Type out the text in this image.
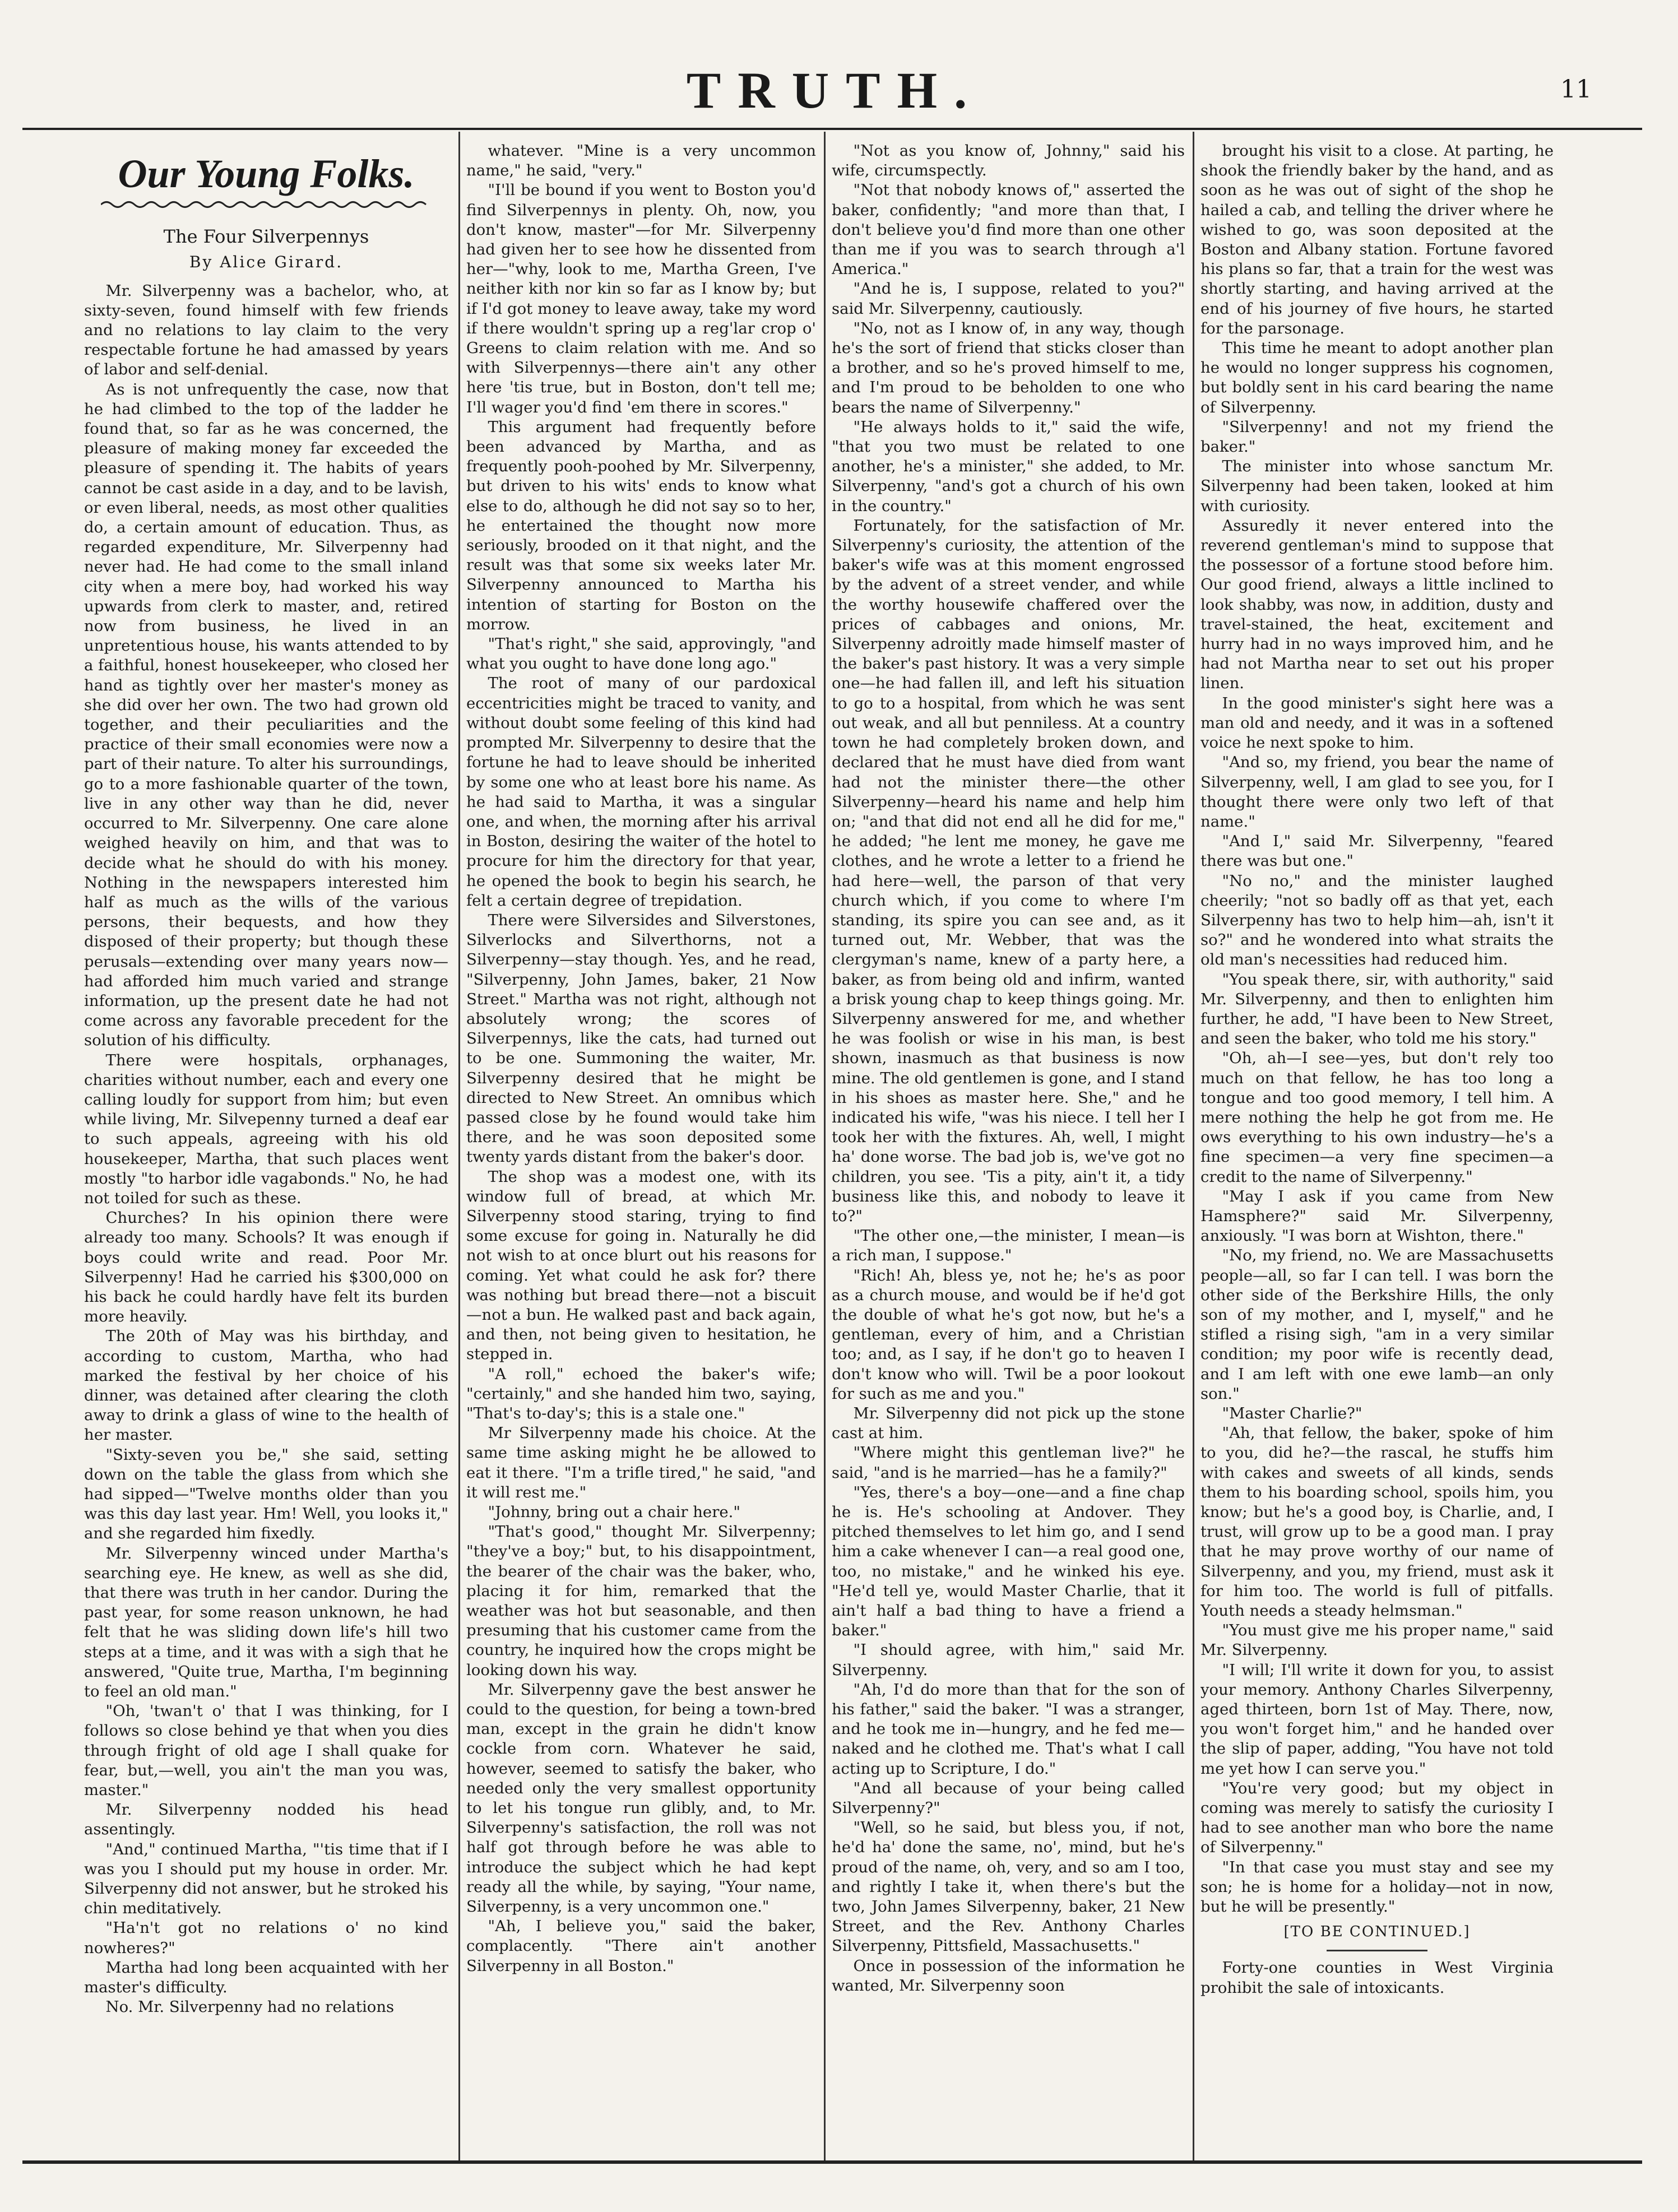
TRUTH.	11
Our Young Folks.
The Four Silverpennys
By Alice Girard.

Mr. Silverpenny was a bachelor, who, at sixty-seven, found himself with few friends and no relations to lay claim to the very respectable fortune he had amassed by years of labor and self-denial.

As is not unfrequently the case, now that he had climbed to the top of the ladder he found that, so far as he was concerned, the pleasure of making money far exceeded the pleasure of spending it. The habits of years cannot be cast aside in a day, and to be lavish, or even liberal, needs, as most other qualities do, a certain amount of education. Thus, as regarded expenditure, Mr. Silverpenny had never had. He had come to the small inland city when a mere boy, had worked his way upwards from clerk to master, and, retired now from business, he lived in an unpretentious house, his wants attended to by a faithful, honest housekeeper, who closed her hand as tightly over her master's money as she did over her own. The two had grown old together, and their peculiarities and the practice of their small economies were now a part of their nature. To alter his surroundings, go to a more fashionable quarter of the town, live in any other way than he did, never occurred to Mr. Silverpenny. One care alone weighed heavily on him, and that was to decide what he should do with his money. Nothing in the newspapers interested him half as much as the wills of the various persons, their bequests, and how they disposed of their property; but though these perusals—extending over many years now—had afforded him much varied and strange information, up the present date he had not come across any favorable precedent for the solution of his difficulty.

There were hospitals, orphanages, charities without number, each and every one calling loudly for support from him; but even while living, Mr. Silvepenny turned a deaf ear to such appeals, agreeing with his old housekeeper, Martha, that such places went mostly "to harbor idle vagabonds." No, he had not toiled for such as these.

Churches? In his opinion there were already too many. Schools? It was enough if boys could write and read. Poor Mr. Silverpenny! Had he carried his $300,000 on his back he could hardly have felt its burden more heavily.

The 20th of May was his birthday, and according to custom, Martha, who had marked the festival by her choice of his dinner, was detained after clearing the cloth away to drink a glass of wine to the health of her master.

"Sixty-seven you be," she said, setting down on the table the glass from which she had sipped—"Twelve months older than you was this day last year. Hm! Well, you looks it," and she regarded him fixedly.

Mr. Silverpenny winced under Martha's searching eye. He knew, as well as she did, that there was truth in her candor. During the past year, for some reason unknown, he had felt that he was sliding down life's hill two steps at a time, and it was with a sigh that he answered, "Quite true, Martha, I'm beginning to feel an old man."

"Oh, 'twan't o' that I was thinking, for I follows so close behind ye that when you dies through fright of old age I shall quake for fear, but,—well, you ain't the man you was, master."

Mr. Silverpenny nodded his head assentingly.

"And," continued Martha, "'tis time that if I was you I should put my house in order. Mr. Silverpenny did not answer, but he stroked his chin meditatively.

"Ha'n't got no relations o' no kind nowheres?"

Martha had long been acquainted with her master's difficulty.

No. Mr. Silverpenny had no relations

whatever. "Mine is a very uncommon name," he said, "very."

"I'll be bound if you went to Boston you'd find Silverpennys in plenty. Oh, now, you don't know, master"—for Mr. Silverpenny had given her to see how he dissented from her—"why, look to me, Martha Green, I've neither kith nor kin so far as I know by; but if I'd got money to leave away, take my word if there wouldn't spring up a reg'lar crop o' Greens to claim relation with me. And so with Silverpennys—there ain't any other here 'tis true, but in Boston, don't tell me; I'll wager you'd find 'em there in scores."

This argument had frequently before been advanced by Martha, and as frequently pooh-poohed by Mr. Silverpenny, but driven to his wits' ends to know what else to do, although he did not say so to her, he entertained the thought now more seriously, brooded on it that night, and the result was that some six weeks later Mr. Silverpenny announced to Martha his intention of starting for Boston on the morrow.

"That's right," she said, approvingly, "and what you ought to have done long ago."

The root of many of our pardoxical eccentricities might be traced to vanity, and without doubt some feeling of this kind had prompted Mr. Silverpenny to desire that the fortune he had to leave should be inherited by some one who at least bore his name. As he had said to Martha, it was a singular one, and when, the morning after his arrival in Boston, desiring the waiter of the hotel to procure for him the directory for that year, he opened the book to begin his search, he felt a certain degree of trepidation.

There were Silversides and Silverstones, Silverlocks and Silverthorns, not a Silverpenny—stay though. Yes, and he read, "Silverpenny, John James, baker, 21 Now Street." Martha was not right, although not absolutely wrong; the scores of Silverpennys, like the cats, had turned out to be one. Summoning the waiter, Mr. Silverpenny desired that he might be directed to New Street. An omnibus which passed close by he found would take him there, and he was soon deposited some twenty yards distant from the baker's door.

The shop was a modest one, with its window full of bread, at which Mr. Silverpenny stood staring, trying to find some excuse for going in. Naturally he did not wish to at once blurt out his reasons for coming. Yet what could he ask for? there was nothing but bread there—not a biscuit—not a bun. He walked past and back again, and then, not being given to hesitation, he stepped in.

"A roll," echoed the baker's wife; "certainly," and she handed him two, saying, "That's to-day's; this is a stale one."

Mr Silverpenny made his choice. At the same time asking might he be allowed to eat it there. "I'm a trifle tired," he said, "and it will rest me."

"Johnny, bring out a chair here."

"That's good," thought Mr. Silverpenny; "they've a boy;" but, to his disappointment, the bearer of the chair was the baker, who, placing it for him, remarked that the weather was hot but seasonable, and then presuming that his customer came from the country, he inquired how the crops might be looking down his way.

Mr. Silverpenny gave the best answer he could to the question, for being a town-bred man, except in the grain he didn't know cockle from corn. Whatever he said, however, seemed to satisfy the baker, who needed only the very smallest opportunity to let his tongue run glibly, and, to Mr. Silverpenny's satisfaction, the roll was not half got through before he was able to introduce the subject which he had kept ready all the while, by saying, "Your name, Silverpenny, is a very uncommon one."

"Ah, I believe you," said the baker, complacently. "There ain't another Silverpenny in all Boston."

"Not as you know of, Johnny," said his wife, circumspectly.

"Not that nobody knows of," asserted the baker, confidently; "and more than that, I don't believe you'd find more than one other than me if you was to search through a'l America."

"And he is, I suppose, related to you?" said Mr. Silverpenny, cautiously.

"No, not as I know of, in any way, though he's the sort of friend that sticks closer than a brother, and so he's proved himself to me, and I'm proud to be beholden to one who bears the name of Silverpenny."

"He always holds to it," said the wife, "that you two must be related to one another, he's a minister," she added, to Mr. Silverpenny, "and's got a church of his own in the country."

Fortunately, for the satisfaction of Mr. Silverpenny's curiosity, the attention of the baker's wife was at this moment engrossed by the advent of a street vender, and while the worthy housewife chaffered over the prices of cabbages and onions, Mr. Silverpenny adroitly made himself master of the baker's past history. It was a very simple one—he had fallen ill, and left his situation to go to a hospital, from which he was sent out weak, and all but penniless. At a country town he had completely broken down, and declared that he must have died from want had not the minister there—the other Silverpenny—heard his name and help him on; "and that did not end all he did for me," he added; "he lent me money, he gave me clothes, and he wrote a letter to a friend he had here—well, the parson of that very church which, if you come to where I'm standing, its spire you can see and, as it turned out, Mr. Webber, that was the clergyman's name, knew of a party here, a baker, as from being old and infirm, wanted a brisk young chap to keep things going. Mr. Silverpenny answered for me, and whether he was foolish or wise in his man, is best shown, inasmuch as that business is now mine. The old gentlemen is gone, and I stand in his shoes as master here. She," and he indicated his wife, "was his niece. I tell her I took her with the fixtures. Ah, well, I might ha' done worse. The bad job is, we've got no children, you see. 'Tis a pity, ain't it, a tidy business like this, and nobody to leave it to?"

"The other one,—the minister, I mean—is a rich man, I suppose."

"Rich! Ah, bless ye, not he; he's as poor as a church mouse, and would be if he'd got the double of what he's got now, but he's a gentleman, every of him, and a Christian too; and, as I say, if he don't go to heaven I don't know who will. Twil be a poor lookout for such as me and you."

Mr. Silverpenny did not pick up the stone cast at him.

"Where might this gentleman live?" he said, "and is he married—has he a family?"

"Yes, there's a boy—one—and a fine chap he is. He's schooling at Andover. They pitched themselves to let him go, and I send him a cake whenever I can—a real good one, too, no mistake," and he winked his eye. "He'd tell ye, would Master Charlie, that it ain't half a bad thing to have a friend a baker."

"I should agree, with him," said Mr. Silverpenny.

"Ah, I'd do more than that for the son of his father," said the baker. "I was a stranger, and he took me in—hungry, and he fed me—naked and he clothed me. That's what I call acting up to Scripture, I do."

"And all because of your being called Silverpenny?"

"Well, so he said, but bless you, if not, he'd ha' done the same, no', mind, but he's proud of the name, oh, very, and so am I too, and rightly I take it, when there's but the two, John James Silverpenny, baker, 21 New Street, and the Rev. Anthony Charles Silverpenny, Pittsfield, Massachusetts."

Once in possession of the information he wanted, Mr. Silverpenny soon

brought his visit to a close. At parting, he shook the friendly baker by the hand, and as soon as he was out of sight of the shop he hailed a cab, and telling the driver where he wished to go, was soon deposited at the Boston and Albany station. Fortune favored his plans so far, that a train for the west was shortly starting, and having arrived at the end of his journey of five hours, he started for the parsonage.

This time he meant to adopt another plan he would no longer suppress his cognomen, but boldly sent in his card bearing the name of Silverpenny.

"Silverpenny! and not my friend the baker."

The minister into whose sanctum Mr. Silverpenny had been taken, looked at him with curiosity.

Assuredly it never entered into the reverend gentleman's mind to suppose that the possessor of a fortune stood before him. Our good friend, always a little inclined to look shabby, was now, in addition, dusty and travel-stained, the heat, excitement and hurry had in no ways improved him, and he had not Martha near to set out his proper linen.

In the good minister's sight here was a man old and needy, and it was in a softened voice he next spoke to him.

"And so, my friend, you bear the name of Silverpenny, well, I am glad to see you, for I thought there were only two left of that name."

"And I," said Mr. Silverpenny, "feared there was but one."

"No no," and the minister laughed cheerily; "not so badly off as that yet, each Silverpenny has two to help him—ah, isn't it so?" and he wondered into what straits the old man's necessities had reduced him.

"You speak there, sir, with authority," said Mr. Silverpenny, and then to enlighten him further, he add, "I have been to New Street, and seen the baker, who told me his story."

"Oh, ah—I see—yes, but don't rely too much on that fellow, he has too long a tongue and too good memory, I tell him. A mere nothing the help he got from me. He ows everything to his own industry—he's a fine specimen—a very fine specimen—a credit to the name of Silverpenny."

"May I ask if you came from New Hamsphere?" said Mr. Silverpenny, anxiously. "I was born at Wishton, there."

"No, my friend, no. We are Massachusetts people—all, so far I can tell. I was born the other side of the Berkshire Hills, the only son of my mother, and I, myself," and he stifled a rising sigh, "am in a very similar condition; my poor wife is recently dead, and I am left with one ewe lamb—an only son."

"Master Charlie?"

"Ah, that fellow, the baker, spoke of him to you, did he?—the rascal, he stuffs him with cakes and sweets of all kinds, sends them to his boarding school, spoils him, you know; but he's a good boy, is Charlie, and, I trust, will grow up to be a good man. I pray that he may prove worthy of our name of Silverpenny, and you, my friend, must ask it for him too. The world is full of pitfalls. Youth needs a steady helmsman."

"You must give me his proper name," said Mr. Silverpenny.

"I will; I'll write it down for you, to assist your memory. Anthony Charles Silverpenny, aged thirteen, born 1st of May. There, now, you won't forget him," and he handed over the slip of paper, adding, "You have not told me yet how I can serve you."

"You're very good; but my object in coming was merely to satisfy the curiosity I had to see another man who bore the name of Silverpenny."

"In that case you must stay and see my son; he is home for a holiday—not in now, but he will be presently."

[TO BE CONTINUED.]

Forty-one counties in West Virginia prohibit the sale of intoxicants.
